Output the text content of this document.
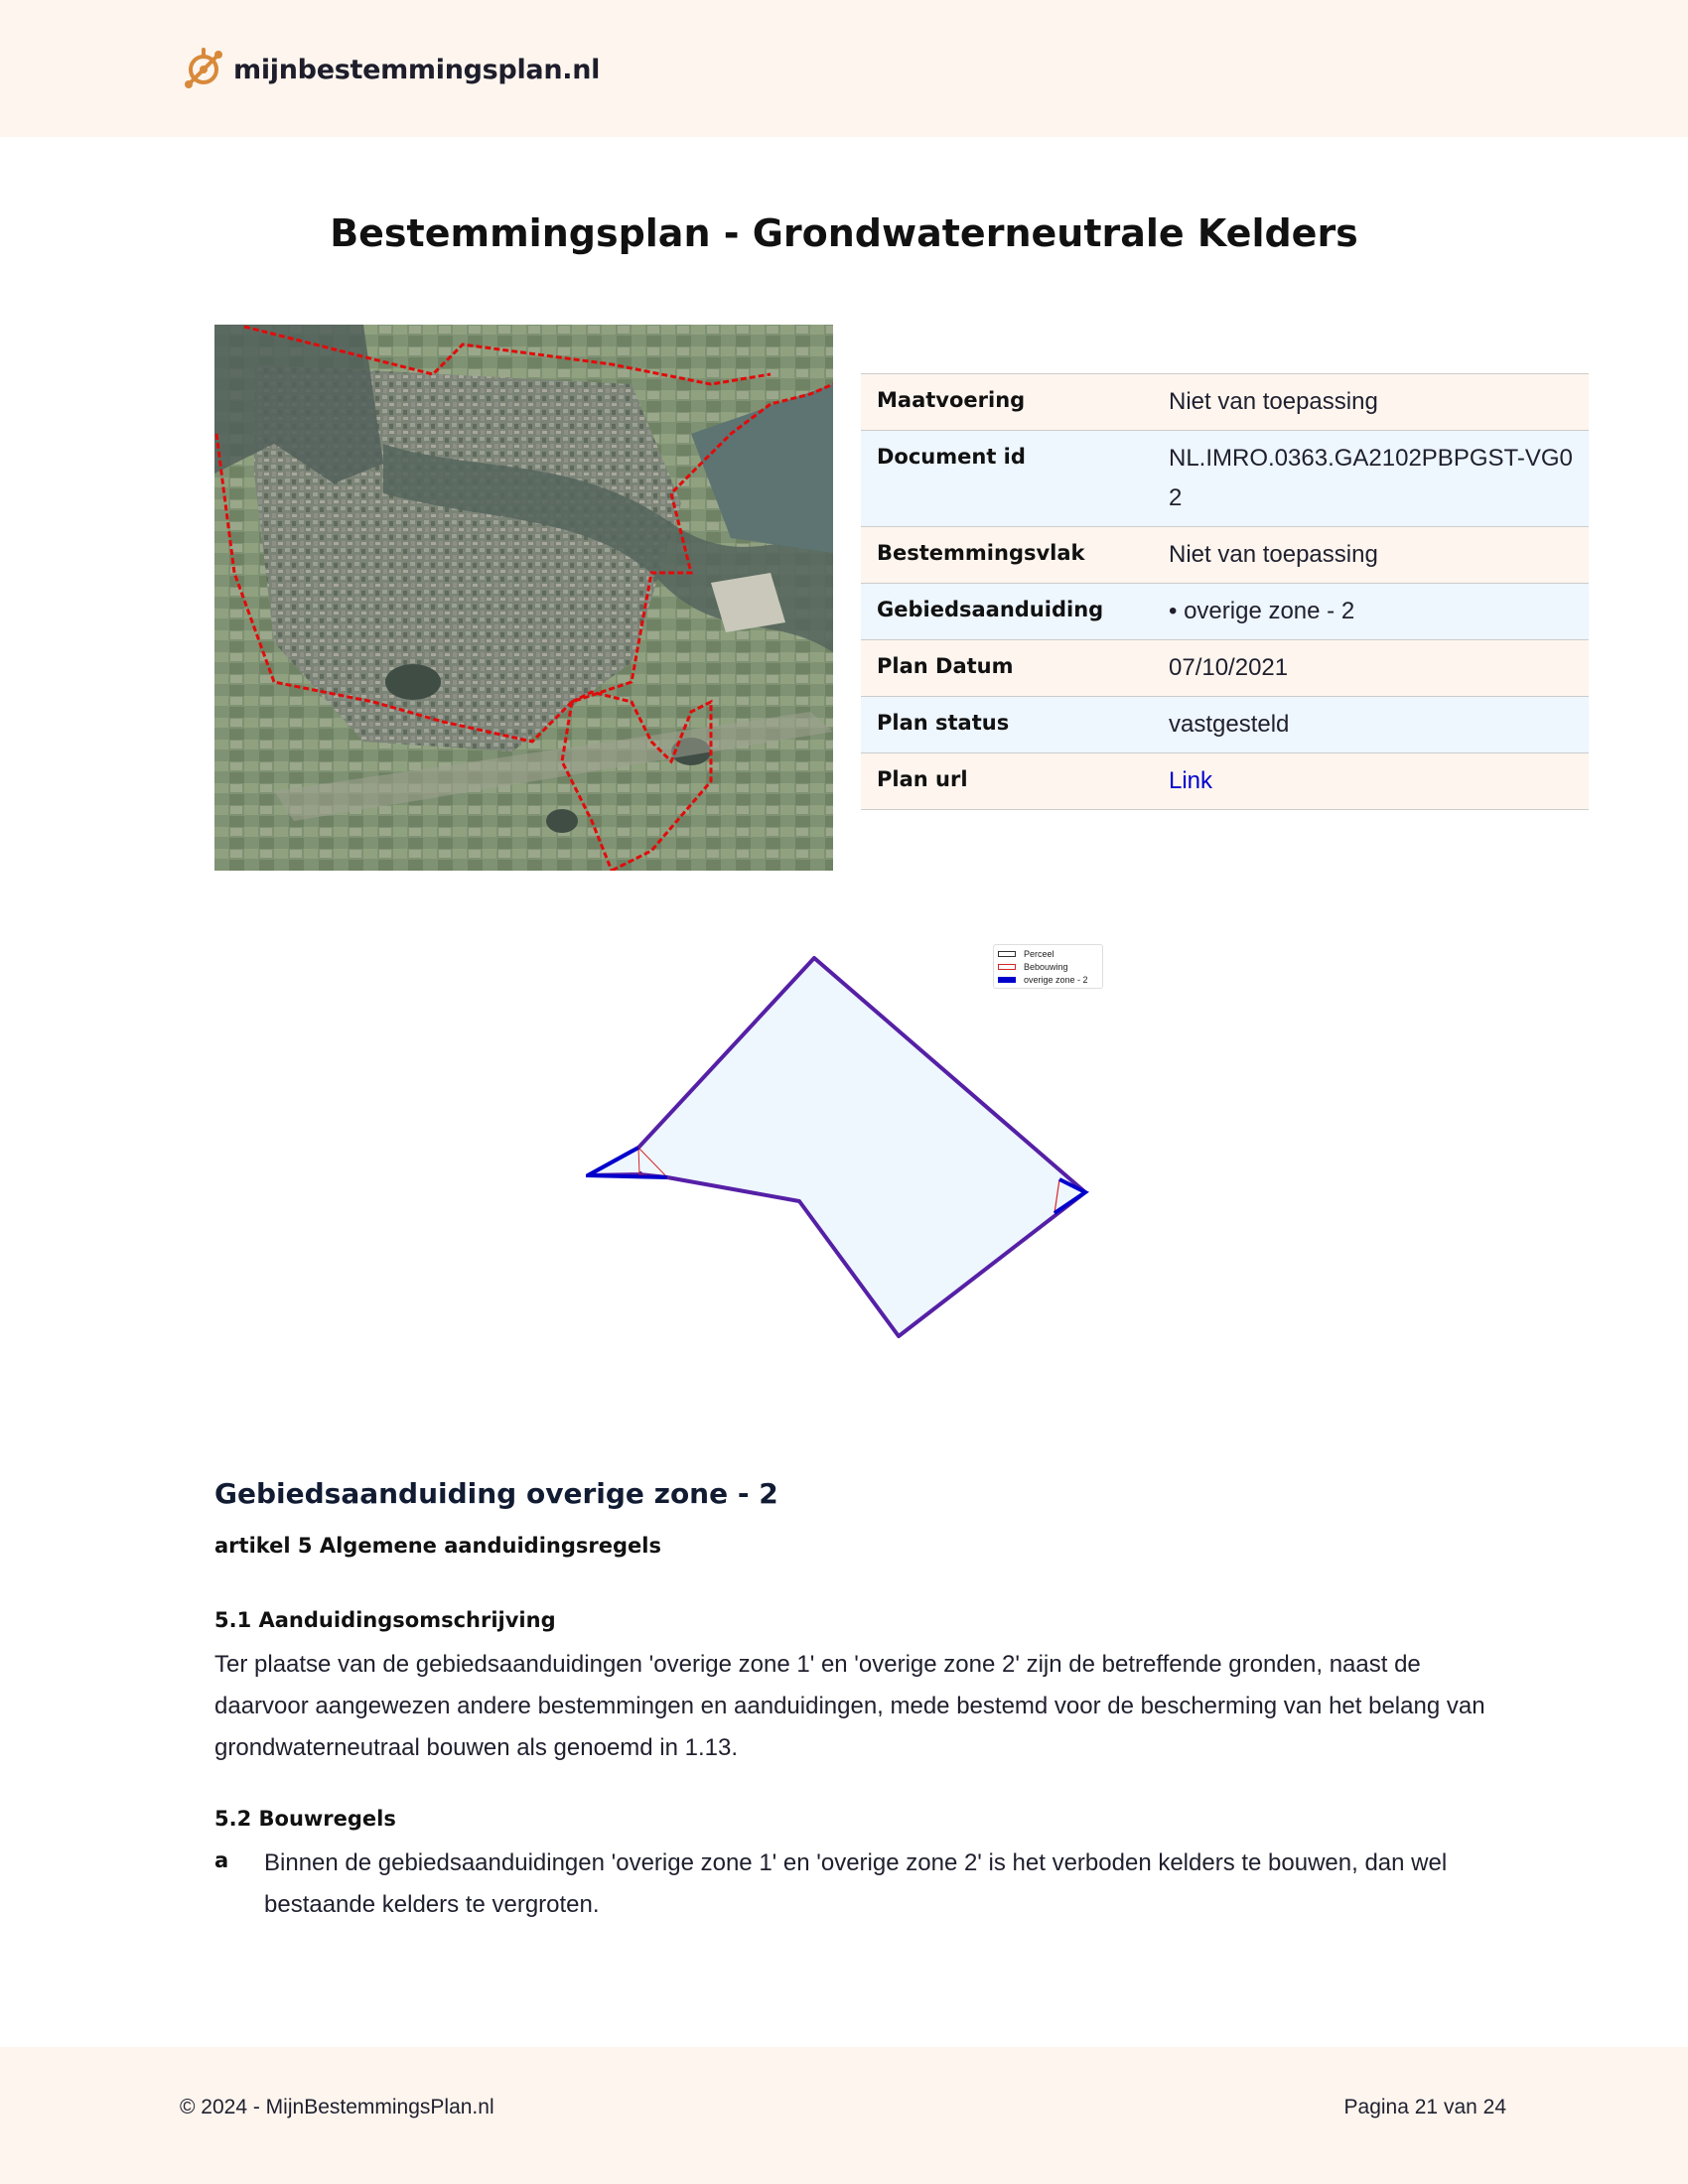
mijnbestemmingsplan.nl
Bestemmingsplan - Grondwaterneutrale Kelders
Maatvoering	Niet van toepassing
Document id	NL.IMRO.0363.GA2102PBPGST-VG02
Bestemmingsvlak	Niet van toepassing
Gebiedsaanduiding	• overige zone - 2
Plan Datum	07/10/2021
Plan status	vastgesteld
Plan url	Link
Perceel
Bebouwing
overige zone - 2
Gebiedsaanduiding overige zone - 2
artikel 5 Algemene aanduidingsregels
5.1 Aanduidingsomschrijving

Ter plaatse van de gebiedsaanduidingen 'overige zone 1' en 'overige zone 2' zijn de betreffende gronden, naast de daarvoor aangewezen andere bestemmingen en aanduidingen, mede bestemd voor de bescherming van het belang van grondwaterneutraal bouwen als genoemd in 1.13.

5.2 Bouwregels
a Binnen de gebiedsaanduidingen 'overige zone 1' en 'overige zone 2' is het verboden kelders te bouwen, dan wel bestaande kelders te vergroten.

© 2024 - MijnBestemmingsPlan.nl	Pagina 21 van 24
